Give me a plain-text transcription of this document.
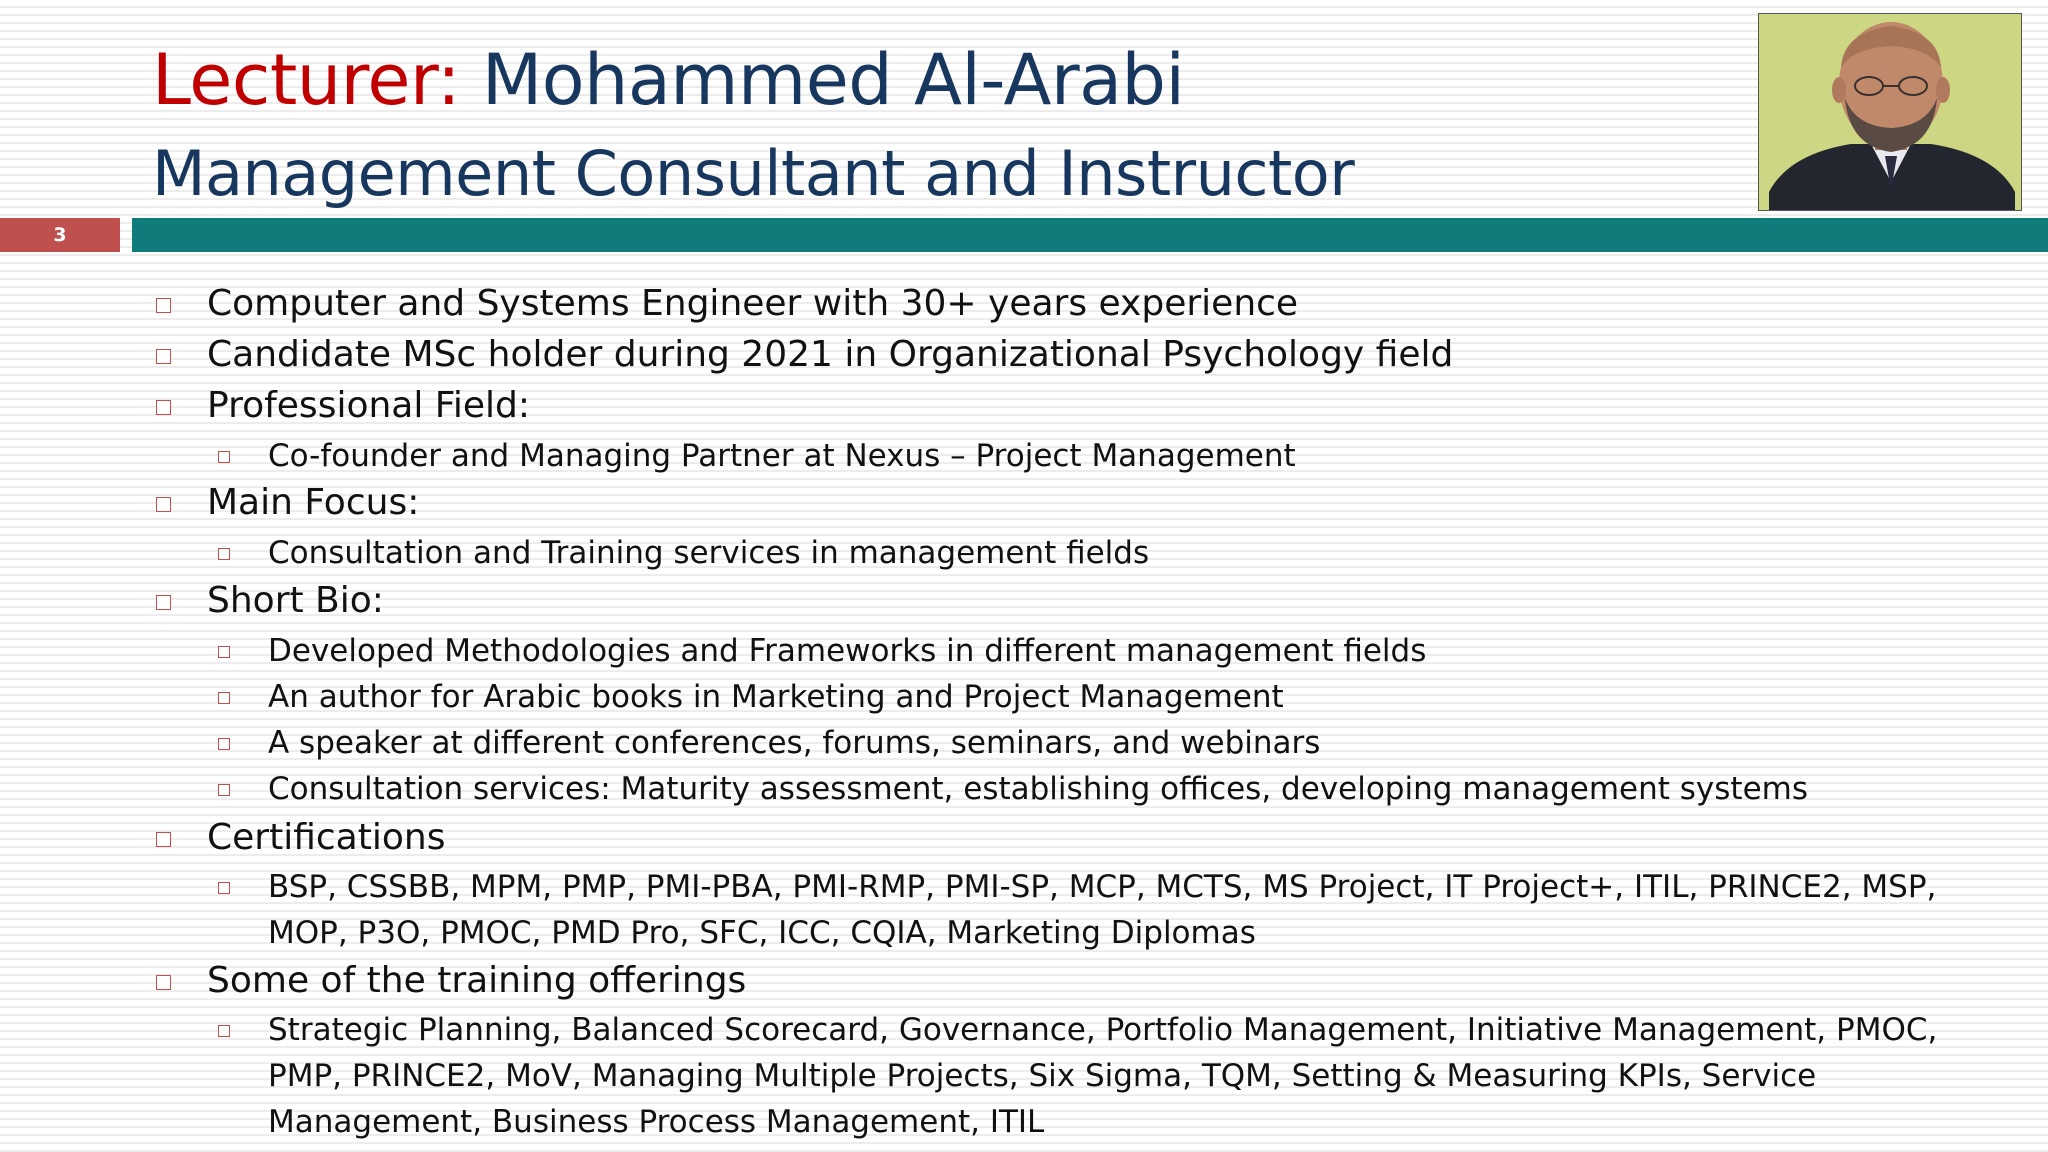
Lecturer: Mohammed Al-Arabi
Management Consultant and Instructor
3
Computer and Systems Engineer with 30+ years experience
Candidate MSc holder during 2021 in Organizational Psychology field
Professional Field:
Co-founder and Managing Partner at Nexus – Project Management
Main Focus:
Consultation and Training services in management fields
Short Bio:
Developed Methodologies and Frameworks in different management fields
An author for Arabic books in Marketing and Project Management
A speaker at different conferences, forums, seminars, and webinars
Consultation services: Maturity assessment, establishing offices, developing management systems
Certifications
BSP, CSSBB, MPM, PMP, PMI-PBA, PMI-RMP, PMI-SP, MCP, MCTS, MS Project, IT Project+, ITIL, PRINCE2, MSP,
MOP, P3O, PMOC, PMD Pro, SFC, ICC, CQIA, Marketing Diplomas
Some of the training offerings
Strategic Planning, Balanced Scorecard, Governance, Portfolio Management, Initiative Management, PMOC,
PMP, PRINCE2, MoV, Managing Multiple Projects, Six Sigma, TQM, Setting & Measuring KPIs, Service
Management, Business Process Management, ITIL
